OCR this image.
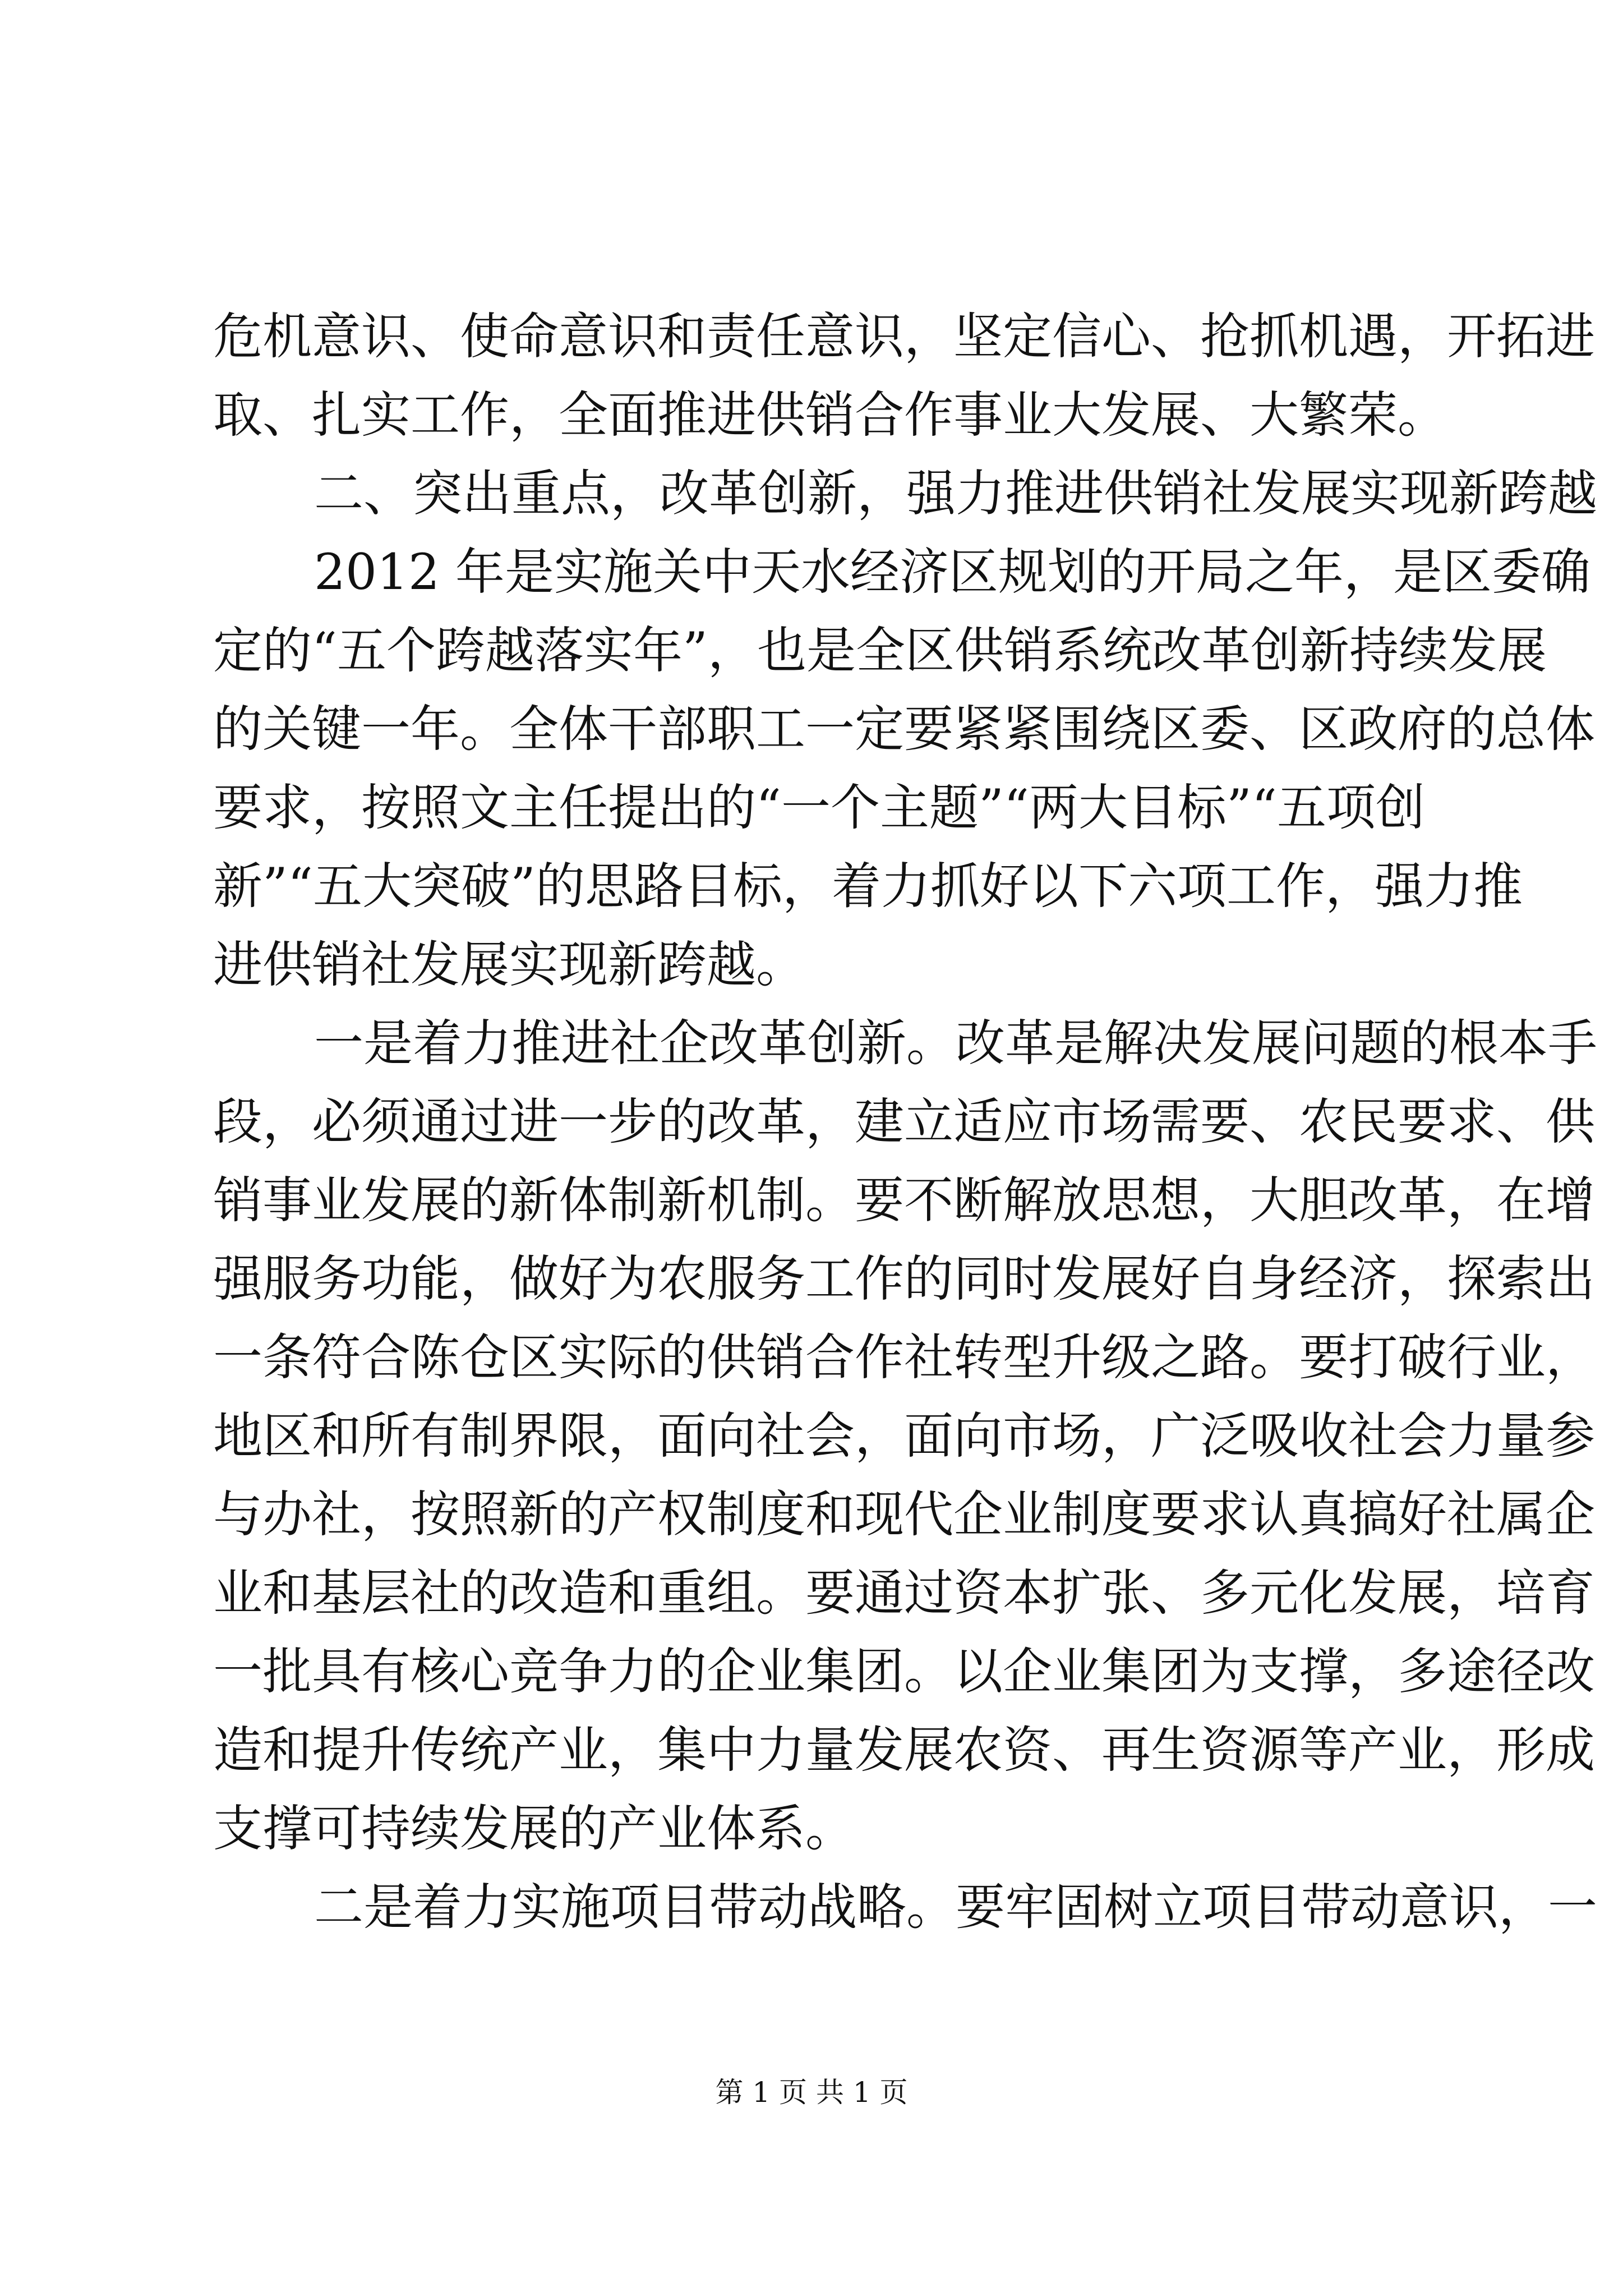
危机意识、使命意识和责任意识，坚定信心、抢抓机遇，开拓进
取、扎实工作，全面推进供销合作事业大发展、大繁荣。
二、突出重点，改革创新，强力推进供销社发展实现新跨越
2012 年是实施关中天水经济区规划的开局之年，是区委确
定的“五个跨越落实年”，也是全区供销系统改革创新持续发展
的关键一年。全体干部职工一定要紧紧围绕区委、区政府的总体
要求，按照文主任提出的“一个主题”“两大目标”“五项创
新”“五大突破”的思路目标，着力抓好以下六项工作，强力推
进供销社发展实现新跨越。
一是着力推进社企改革创新。改革是解决发展问题的根本手
段，必须通过进一步的改革，建立适应市场需要、农民要求、供
销事业发展的新体制新机制。要不断解放思想，大胆改革，在增
强服务功能，做好为农服务工作的同时发展好自身经济，探索出
一条符合陈仓区实际的供销合作社转型升级之路。要打破行业，
地区和所有制界限，面向社会，面向市场，广泛吸收社会力量参
与办社，按照新的产权制度和现代企业制度要求认真搞好社属企
业和基层社的改造和重组。要通过资本扩张、多元化发展，培育
一批具有核心竞争力的企业集团。以企业集团为支撑，多途径改
造和提升传统产业，集中力量发展农资、再生资源等产业，形成
支撑可持续发展的产业体系。
二是着力实施项目带动战略。要牢固树立项目带动意识，一
第 1 页 共 1 页
